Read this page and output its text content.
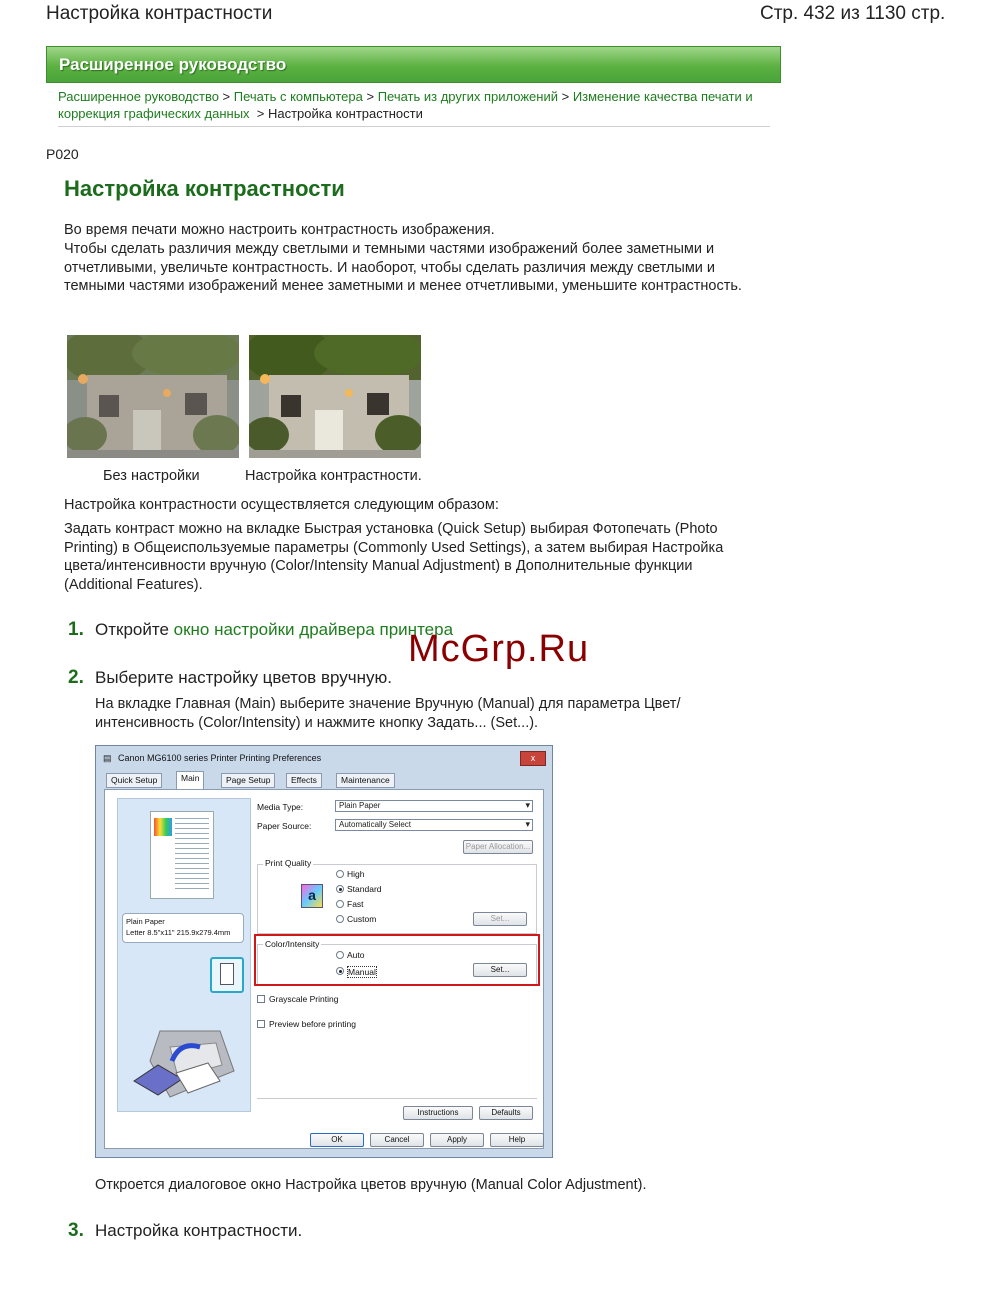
Настройка контрастности	Стр. 432 из 1130 стр.
Расширенное руководство
Расширенное руководство > Печать с компьютера > Печать из других приложений > Изменение качества печати и коррекция графических данных  > Настройка контрастности
P020
Настройка контрастности
Во время печати можно настроить контрастность изображения.
Чтобы сделать различия между светлыми и темными частями изображений более заметными и отчетливыми, увеличьте контрастность. И наоборот, чтобы сделать различия между светлыми и темными частями изображений менее заметными и менее отчетливыми, уменьшите контрастность.
Без настройки	Настройка контрастности.
Настройка контрастности осуществляется следующим образом:
Задать контраст можно на вкладке Быстрая установка (Quick Setup) выбирая Фотопечать (Photo Printing) в Общеиспользуемые параметры (Commonly Used Settings), а затем выбирая Настройка цвета/интенсивности вручную (Color/Intensity Manual Adjustment) в Дополнительные функции (Additional Features).
1. Откройте окно настройки драйвера принтера
McGrp.Ru
2. Выберите настройку цветов вручную.
На вкладке Главная (Main) выберите значение Вручную (Manual) для параметра Цвет/интенсивность (Color/Intensity) и нажмите кнопку Задать... (Set...).
▤ Canon MG6100 series Printer Printing Preferences	x
Quick Setup	Main	Page Setup	Effects	Maintenance
Plain Paper
Letter 8.5"x11" 215.9x279.4mm
Media Type:	Plain Paper ▾
Paper Source:	Automatically Select ▾
Paper Allocation...
Print Quality
a
High
Standard
Fast
Custom	Set...
Color/Intensity
Auto
Manual	Set...
Grayscale Printing
Preview before printing
Instructions	Defaults
OK	Cancel	Apply	Help
Откроется диалоговое окно Настройка цветов вручную (Manual Color Adjustment).
3. Настройка контрастности.
